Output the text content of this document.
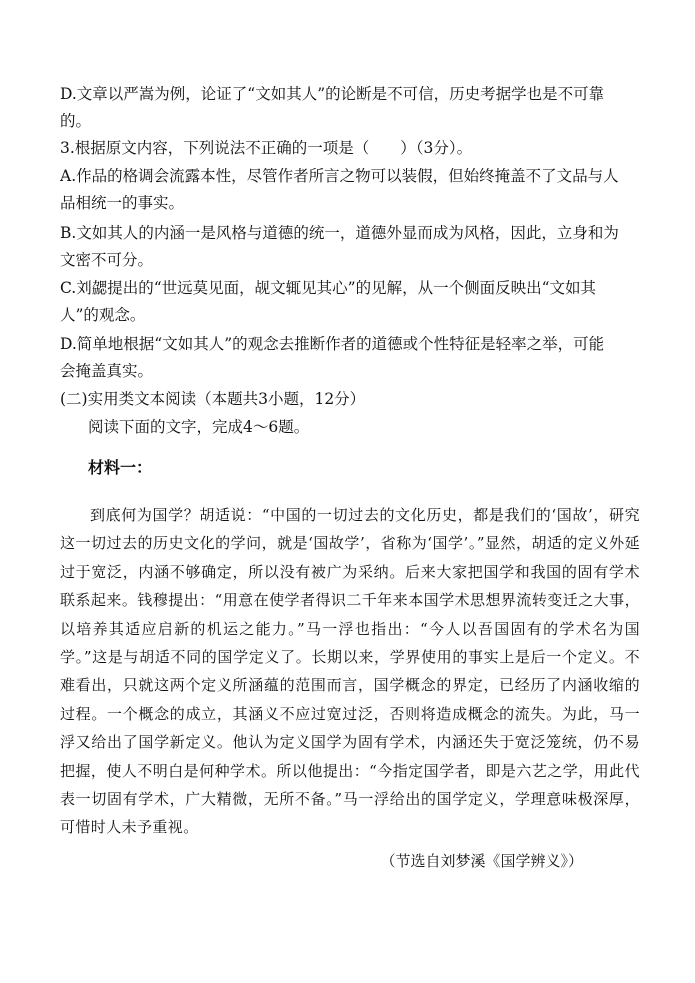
D.文章以严嵩为例，论证了“文如其人”的论断是不可信，历史考据学也是不可靠
的。
3.根据原文内容，下列说法不正确的一项是（　　）（3分）。
A.作品的格调会流露本性，尽管作者所言之物可以装假，但始终掩盖不了文品与人
品相统一的事实。
B.文如其人的内涵一是风格与道德的统一，道德外显而成为风格，因此，立身和为
文密不可分。
C.刘勰提出的“世远莫见面，觇文辄见其心”的见解，从一个侧面反映出“文如其
人”的观念。
D.简单地根据“文如其人”的观念去推断作者的道德或个性特征是轻率之举，可能
会掩盖真实。
(二)实用类文本阅读（本题共3小题，12分）
阅读下面的文字，完成4～6题。
材料一：

到底何为国学？胡适说：“中国的一切过去的文化历史，都是我们的‘国故’，研究这一切过去的历史文化的学问，就是‘国故学’，省称为‘国学’。”显然，胡适的定义外延过于宽泛，内涵不够确定，所以没有被广为采纳。后来大家把国学和我国的固有学术联系起来。钱穆提出：“用意在使学者得识二千年来本国学术思想界流转变迁之大事，以培养其适应启新的机运之能力。”马一浮也指出：“今人以吾国固有的学术名为国学。”这是与胡适不同的国学定义了。长期以来，学界使用的事实上是后一个定义。不难看出，只就这两个定义所涵蕴的范围而言，国学概念的界定，已经历了内涵收缩的过程。一个概念的成立，其涵义不应过宽过泛，否则将造成概念的流失。为此，马一浮又给出了国学新定义。他认为定义国学为固有学术，内涵还失于宽泛笼统，仍不易把握，使人不明白是何种学术。所以他提出：“今指定国学者，即是六艺之学，用此代表一切固有学术，广大精微，无所不备。”马一浮给出的国学定义，学理意味极深厚，可惜时人未予重视。

（节选自刘梦溪《国学辨义》）
